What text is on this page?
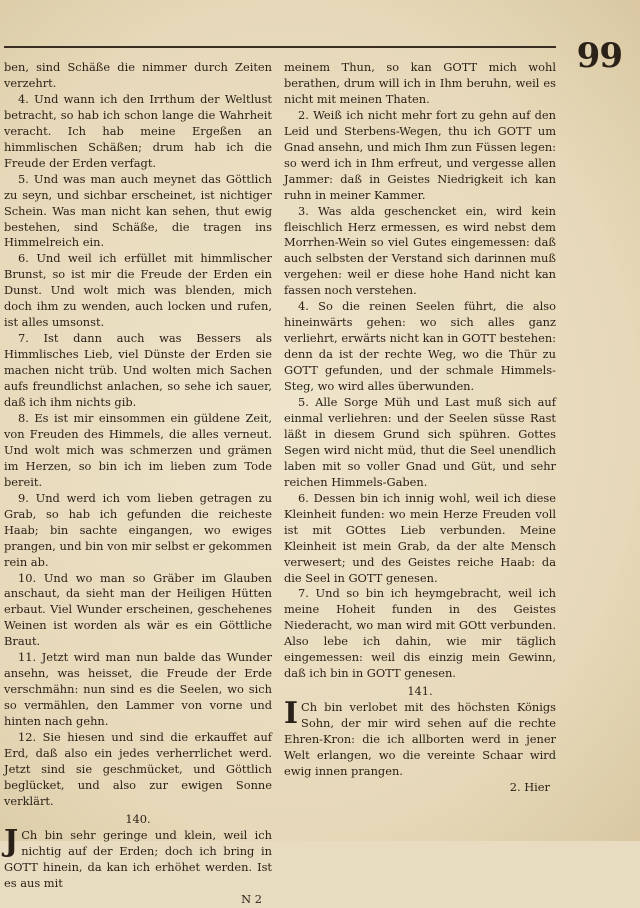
99

ben, sind Schäße die nimmer durch Zeiten verzehrt.

4. Und wann ich den Irrthum der Weltlust betracht, so hab ich schon lange die Wahrheit veracht. Ich hab meine Ergeßen an himmlischen Schäßen; drum hab ich die Freude der Erden verfagt.

5. Und was man auch meynet das Göttlich zu seyn, und sichbar erscheinet, ist nichtiger Schein. Was man nicht kan sehen, thut ewig bestehen, sind Schäße, die tragen ins Himmelreich ein.

6. Und weil ich erfüllet mit himmlischer Brunst, so ist mir die Freude der Erden ein Dunst. Und wolt mich was blenden, mich doch ihm zu wenden, auch locken und rufen, ist alles umsonst.

7. Ist dann auch was Bessers als Himmlisches Lieb, viel Dünste der Erden sie machen nicht trüb. Und wolten mich Sachen aufs freundlichst anlachen, so sehe ich sauer, daß ich ihm nichts gib.

8. Es ist mir einsommen ein güldene Zeit, von Freuden des Himmels, die alles verneut. Und wolt mich was schmerzen und grämen im Herzen, so bin ich im lieben zum Tode bereit.

9. Und werd ich vom lieben getragen zu Grab, so hab ich gefunden die reicheste Haab; bin sachte eingangen, wo ewiges prangen, und bin von mir selbst er gekommen rein ab.

10. Und wo man so Gräber im Glauben anschaut, da sieht man der Heiligen Hütten erbaut. Viel Wunder erscheinen, geschehenes Weinen ist worden als wär es ein Göttliche Braut.

11. Jetzt wird man nun balde das Wunder ansehn, was heisset, die Freude der Erde verschmähn: nun sind es die Seelen, wo sich so vermählen, den Lammer von vorne und hinten nach gehn.

12. Sie hiesen und sind die erkauffet auf Erd, daß also ein jedes verherrlichet werd. Jetzt sind sie geschmücket, und Göttlich beglücket, und also zur ewigen Sonne verklärt.

140.

J Ch bin sehr geringe und klein, weil ich nichtig auf der Erden; doch ich bring in GOTT hinein, da kan ich erhöhet werden. Ist es aus mit

N 2

meinem Thun, so kan GOTT mich wohl berathen, drum will ich in Ihm beruhn, weil es nicht mit meinen Thaten.

2. Weiß ich nicht mehr fort zu gehn auf den Leid und Sterbens-Wegen, thu ich GOTT um Gnad ansehn, und mich Ihm zun Füssen legen: so werd ich in Ihm erfreut, und vergesse allen Jammer: daß in Geistes Niedrigkeit ich kan ruhn in meiner Kammer.

3. Was alda geschencket ein, wird kein fleischlich Herz ermessen, es wird nebst dem Morrhen-Wein so viel Gutes eingemessen: daß auch selbsten der Verstand sich darinnen muß vergehen: weil er diese hohe Hand nicht kan fassen noch verstehen.

4. So die reinen Seelen führt, die also hineinwärts gehen: wo sich alles ganz verliehrt, erwärts nicht kan in GOTT bestehen: denn da ist der rechte Weg, wo die Thür zu GOTT gefunden, und der schmale Himmels-Steg, wo wird alles überwunden.

5. Alle Sorge Müh und Last muß sich auf einmal verliehren: und der Seelen süsse Rast läßt in diesem Grund sich spühren. Gottes Segen wird nicht müd, thut die Seel unendlich laben mit so voller Gnad und Güt, und sehr reichen Himmels-Gaben.

6. Dessen bin ich innig wohl, weil ich diese Kleinheit funden: wo mein Herze Freuden voll ist mit GOttes Lieb verbunden. Meine Kleinheit ist mein Grab, da der alte Mensch verwesert; und des Geistes reiche Haab: da die Seel in GOTT genesen.

7. Und so bin ich heymgebracht, weil ich meine Hoheit funden in des Geistes Niederacht, wo man wird mit GOtt verbunden. Also lebe ich dahin, wie mir täglich eingemessen: weil dis einzig mein Gewinn, daß ich bin in GOTT genesen.

141.

I Ch bin verlobet mit des höchsten Königs Sohn, der mir wird sehen auf die rechte Ehren-Kron: die ich allborten werd in jener Welt erlangen, wo die vereinte Schaar wird ewig innen prangen.

2. Hier
